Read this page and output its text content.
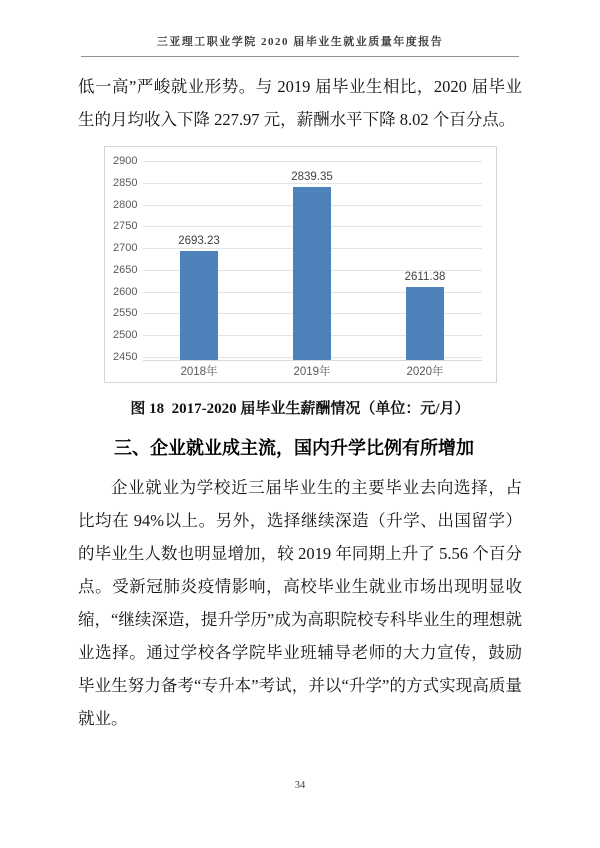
三亚理工职业学院 2020 届毕业生就业质量年度报告
低一高”严峻就业形势。与 2019 届毕业生相比，2020 届毕业生的月均收入下降 227.97 元，薪酬水平下降 8.02 个百分点。
2450
2500
2550
2600
2650
2700
2750
2800
2850
2900
2693.23
2018年
2839.35
2019年
2611.38
2020年
图 18  2017-2020 届毕业生薪酬情况（单位：元/月）
三、企业就业成主流，国内升学比例有所增加
企业就业为学校近三届毕业生的主要毕业去向选择，占比均在 94%以上。另外，选择继续深造（升学、出国留学）的毕业生人数也明显增加，较 2019 年同期上升了 5.56 个百分点。受新冠肺炎疫情影响，高校毕业生就业市场出现明显收缩，“继续深造，提升学历”成为高职院校专科毕业生的理想就业选择。通过学校各学院毕业班辅导老师的大力宣传，鼓励毕业生努力备考“专升本”考试，并以“升学”的方式实现高质量就业。
34
